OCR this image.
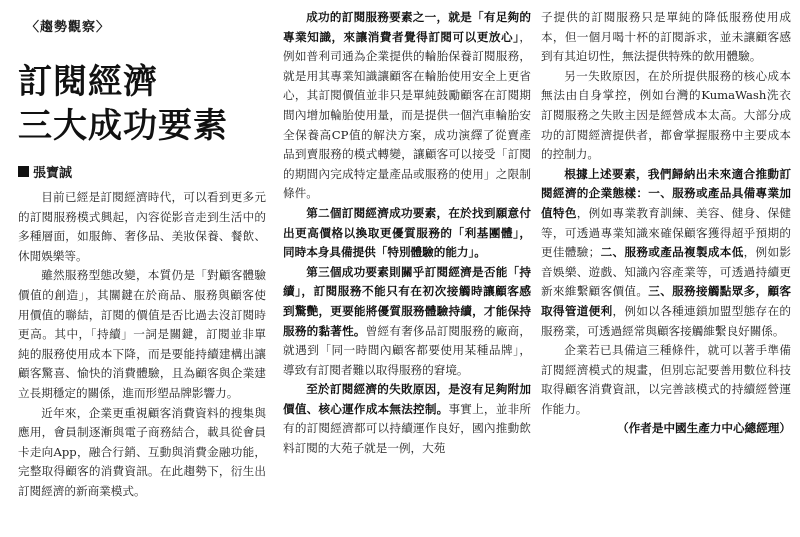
〈趨勢觀察〉
訂閱經濟
三大成功要素
張寶誠

目前已經是訂閱經濟時代，可以看到更多元的訂閱服務模式興起，內容從影音走到生活中的多種層面，如服飾、奢侈品、美妝保養、餐飲、休閒娛樂等。

雖然服務型態改變，本質仍是「對顧客體驗價值的創造」，其關鍵在於商品、服務與顧客使用價值的聯結，訂閱的價值是否比過去沒訂閱時更高。其中，「持續」一詞是關鍵，訂閱並非單純的服務使用成本下降，而是要能持續建構出讓顧客驚喜、愉快的消費體驗，且為顧客與企業建立長期穩定的關係，進而形塑品牌影響力。

近年來，企業更重視顧客消費資料的搜集與應用，會員制逐漸與電子商務結合，載具從會員卡走向App，融合行銷、互動與消費金融功能，完整取得顧客的消費資訊。在此趨勢下，衍生出訂閱經濟的新商業模式。

成功的訂閱服務要素之一，就是「有足夠的專業知識，來讓消費者覺得訂閱可以更放心」，例如普利司通為企業提供的輪胎保養訂閱服務，就是用其專業知識讓顧客在輪胎使用安全上更省心，其訂閱價值並非只是單純鼓勵顧客在訂閱期間內增加輪胎使用量，而是提供一個汽車輪胎安全保養高CP值的解決方案，成功演繹了從賣產品到賣服務的模式轉變，讓顧客可以接受「訂閱的期間內完成特定量產品或服務的使用」之限制條件。

第二個訂閱經濟成功要素，在於找到願意付出更高價格以換取更優質服務的「利基團體」，同時本身具備提供「特別體驗的能力」。

第三個成功要素則關乎訂閱經濟是否能「持續」，訂閱服務不能只有在初次接觸時讓顧客感到驚艷，更要能將優質服務體驗持續，才能保持服務的黏著性。曾經有奢侈品訂閱服務的廠商，就遇到「同一時間內顧客都要使用某種品牌」，導致有訂閱者難以取得服務的窘境。

至於訂閱經濟的失敗原因，是沒有足夠附加價值、核心運作成本無法控制。事實上，並非所有的訂閱經濟都可以持續運作良好，國內推動飲料訂閱的大苑子就是一例，大苑

子提供的訂閱服務只是單純的降低服務使用成本，但一個月喝十杯的訂閱訴求，並未讓顧客感到有其迫切性，無法提供特殊的飲用體驗。

另一失敗原因，在於所提供服務的核心成本無法由自身掌控，例如台灣的KumaWash洗衣訂閱服務之失敗主因是經營成本太高。大部分成功的訂閱經濟提供者，都會掌握服務中主要成本的控制力。

根據上述要素，我們歸納出未來適合推動訂閱經濟的企業態樣：一、服務或產品具備專業加值特色，例如專業教育訓練、美容、健身、保健等，可透過專業知識來確保顧客獲得超乎預期的更佳體驗；二、服務或產品複製成本低，例如影音娛樂、遊戲、知識內容產業等，可透過持續更新來維繫顧客價值。三、服務接觸點眾多，顧客取得管道便利，例如以各種連鎖加盟型態存在的服務業，可透過經常與顧客接觸維繫良好關係。

企業若已具備這三種條件，就可以著手準備訂閱經濟模式的規畫，但別忘記要善用數位科技取得顧客消費資訊，以完善該模式的持續經營運作能力。

（作者是中國生產力中心總經理）
